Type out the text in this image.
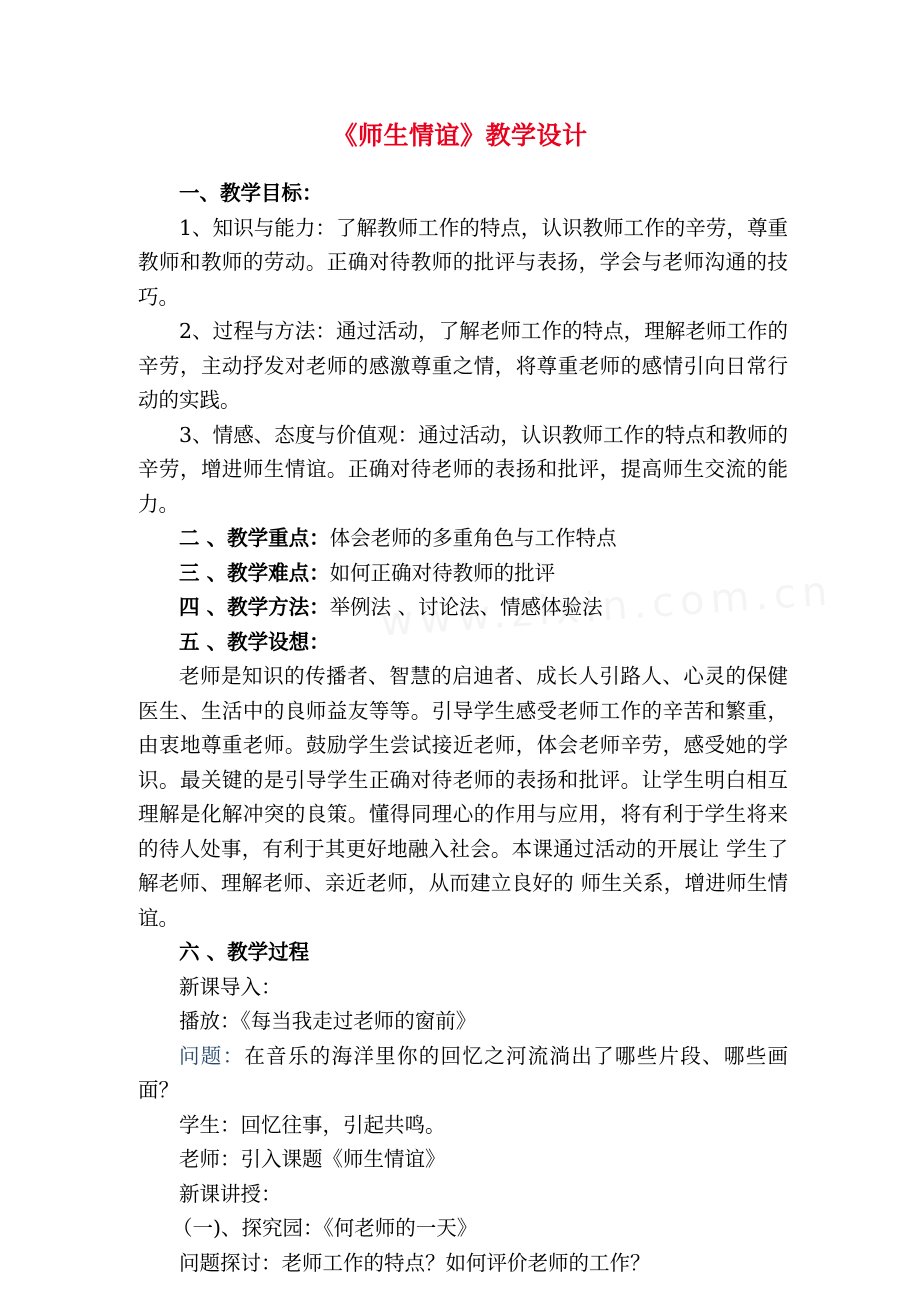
《师生情谊》教学设计

一、教学目标：

1、知识与能力：了解教师工作的特点，认识教师工作的辛劳，尊重教师和教师的劳动。正确对待教师的批评与表扬，学会与老师沟通的技巧。

2、过程与方法：通过活动，了解老师工作的特点，理解老师工作的辛劳，主动抒发对老师的感激尊重之情，将尊重老师的感情引向日常行动的实践。

3、情感、态度与价值观：通过活动，认识教师工作的特点和教师的辛劳，增进师生情谊。正确对待老师的表扬和批评，提高师生交流的能力。

二 、教学重点：体会老师的多重角色与工作特点

三 、教学难点：如何正确对待教师的批评

四 、教学方法：举例法 、讨论法、情感体验法

五 、教学设想：

老师是知识的传播者、智慧的启迪者、成长人引路人、心灵的保健医生、生活中的良师益友等等。引导学生感受老师工作的辛苦和繁重，由衷地尊重老师。鼓励学生尝试接近老师，体会老师辛劳，感受她的学识。最关键的是引导学生正确对待老师的表扬和批评。让学生明白相互理解是化解冲突的良策。懂得同理心的作用与应用，将有利于学生将来的待人处事，有利于其更好地融入社会。本课通过活动的开展让 学生了解老师、理解老师、亲近老师，从而建立良好的 师生关系，增进师生情谊。

六 、教学过程

新课导入：

播放：《每当我走过老师的窗前》

问题：在音乐的海洋里你的回忆之河流淌出了哪些片段、哪些画面？

学生：回忆往事，引起共鸣。

老师：引入课题《师生情谊》

新课讲授：

（一)、探究园：《何老师的一天》

问题探讨：老师工作的特点？如何评价老师的工作？
